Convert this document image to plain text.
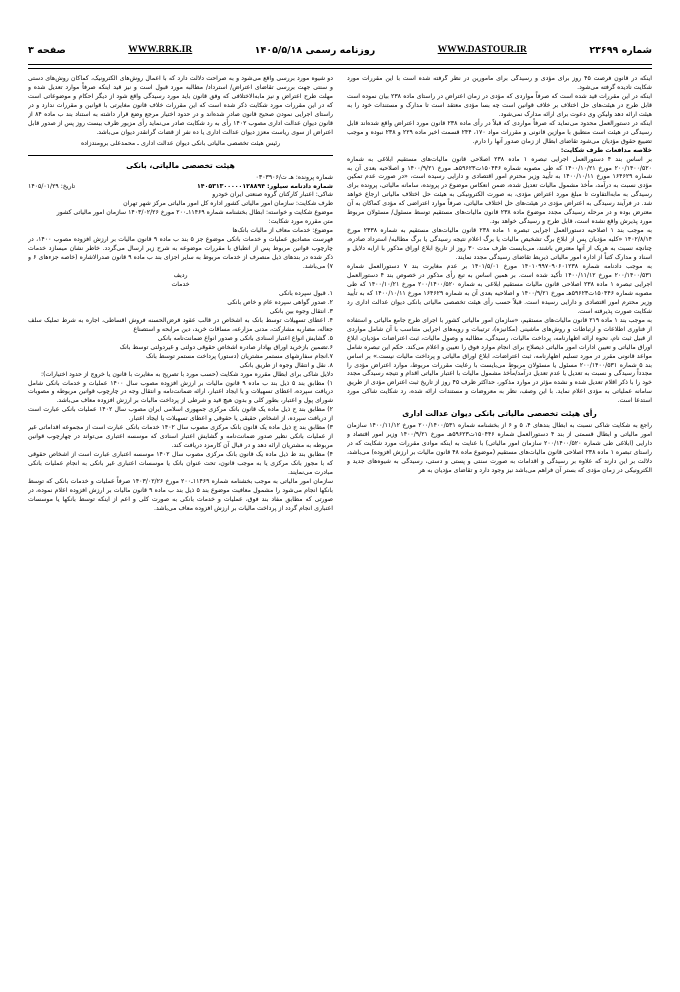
شماره ۲۳۶۹۹
WWW.DASTOUR.IR
روزنامه رسمی ۱۴۰۵/۵/۱۸
WWW.RRK.IR
صفحه ۳

اینکه در قانون فرصت ۴۵ روز برای مؤدی و رسیدگی برای مأمورین در نظر گرفته شده است با این مقررات مورد شکایت نادیده گرفته می‌شود.

اینکه در این مقررات قید شده است که صرفاً مواردی که مؤدی در زمان اعتراض در راستای ماده ۲۳۸ بیان نموده است قابل طرح در هیئت‌های حل اختلاف بر خلاف قوانین است چه بسا مؤدی معتقد است تا مدارک و مستندات خود را به هیئت ارائه دهد ولیکن وی دعوت برای ارائه مدارک نمی‌شود.

اینکه در دستورالعمل محدود می‌نماید که صرفاً مواردی که قبلاً در رأی ماده ۲۳۸ قانون مورد اعتراض واقع شده‌اند قابل رسیدگی در هیئت است منطبق با موازین قانونی و مقررات مواد ۱۷۰، ۲۴۴ قسمت اخیر ماده ۲۲۹ و ۲۳۸ نبوده و موجب تضییع حقوق مؤدیان می‌شود تقاضای ابطال از زمان صدور آنها را دارم.

خلاصه مدافعات طرف شکایت:

بر اساس بند ۴ دستورالعمل اجرایی تبصره ۱ ماده ۲۳۸ اصلاحی قانون مالیات‌های مستقیم ابلاغی به شماره ۲۰۰/۱۴۰۰/۵۲۰ مورخ ۱۴۰۰/۱۰/۲۱ که طی مصوبه شماره ۱۵۰۴۴۶ت۵۹۶۲۳هـ مورخ ۱۴۰۰/۹/۲۱ و اصلاحیه بعدی آن به شماره ۱۶۴۶۲۹ مورخ ۱۴۰۰/۱۰/۱۱ به تأیید وزیر محترم امور اقتصادی و دارایی رسیده است، «در صورت عدم تمکین مؤدی نسبت به درآمد، مأخذ مشمول مالیات تعدیل شده، ضمن انعکاس موضوع در پرونده، سامانه مالیاتی، پرونده برای رسیدگی به مابه‌التفاوت تا مبلغ مورد اعتراض مؤدی، به صورت الکترونیکی به هیئت حل اختلاف مالیاتی ارجاع خواهد شد. در فرآیند رسیدگی به اعتراض مؤدی در هیئت‌های حل اختلاف مالیاتی، صرفاً موارد اعتراضی که مؤدی کماکان به آن معترض بوده و در مرحله رسیدگی مجدد موضوع ماده ۲۳۸ قانون مالیات‌های مستقیم توسط مسئول/ مسئولان مربوط مورد پذیرش واقع نشده است، قابل طرح و رسیدگی خواهد بود.

به موجب بند ۱ اصلاحیه دستورالعمل اجرایی تبصره ۱ ماده ۲۳۸ قانون مالیات‌های مستقیم به شماره ۲۴۳۸ مورخ ۱۴۰۲/۸/۱۴ «کلیه مؤدیان پس از ابلاغ برگ تشخیص مالیات یا برگ اعلام نتیجه رسیدگی یا برگ مطالبه/ استرداد صادره، چنانچه نسبت به هریک از آنها معترض باشند، می‌بایست ظرف مدت ۳۰ روز از تاریخ ابلاغ اوراق مذکور با ارایه دلایل و اسناد و مدارک کتباً از اداره امور مالیاتی ذیربط تقاضای رسیدگی مجدد نمایند.

به موجب دادنامه شماره ۱۴۰۱۰۹۹۷۰۹۰۶۰۱۲۳۸ مورخ ۱۴۰۱/۵/۰۱ بر عدم مغایرت بند ۷ دستورالعمل شماره ۲۰۰/۱۴۰۰/۵۳۱ مورخ ۱۴۰۰/۱۱/۱۲ تأکید شده است. بر همین اساس به تبع رأی مذکور در خصوص بند ۴ دستورالعمل اجرایی تبصره ۱ ماده ۲۳۸ اصلاحی قانون مالیات مستقیم ابلاغی به شماره ۲۰۰/۱۴۰۰/۵۲۰ مورخ ۱۴۰۰/۱۰/۲۱ که طی مصوبه شماره ۱۵۰۴۴۶ت۵۹۶۲۳هـ مورخ ۱۴۰۰/۹/۲۱ و اصلاحیه بعدی آن به شماره ۱۶۴۶۲۹ مورخ ۱۴۰۰/۱۰/۱۱ که به تأیید وزیر محترم امور اقتصادی و دارایی رسیده است. قبلاً حسب رأی هیئت تخصصی مالیاتی بانکی دیوان عدالت اداری رد شکایت صورت پذیرفته است.

به موجب بند ۱ ماده ۲۱۹ قانون مالیات‌های مستقیم، «سازمان امور مالیاتی کشور با اجرای طرح جامع مالیاتی و استفاده از فناوری اطلاعات و ارتباطات و روش‌های ماشینی (مکانیزه)، ترتیبات و رویه‌های اجرایی متناسب با آن شامل مواردی از قبیل ثبت نام، نحوه ارائه اظهارنامه، پرداخت مالیات، رسیدگی، مطالبه و وصول مالیات، ثبت اعتراضات مؤدیان، ابلاغ اوراق مالیاتی و تعیین ادارات امور مالیاتی ذیصلاح برای انجام موارد فوق را تعیین و اعلام می‌کند. حکم این تبصره شامل مواعد قانونی مقرر در مورد تسلیم اظهارنامه، ثبت اعتراضات، ابلاغ اوراق مالیاتی و پرداخت مالیات نیست.» بر اساس بند ۵ شماره ۲۰۰/۱۴۰۰/۵۳۱ مسئول یا مسئولان مربوط می‌بایست با رعایت مقررات مربوط، موارد اعتراض مؤدی را مجدداً رسیدگی و نسبت به تعدیل یا عدم تعدیل درآمد/مأخذ مشمول مالیات با اعتبار مالیاتی اقدام و نتیجه رسیدگی مجدد خود را با ذکر اقلام تعدیل شده و نشده مؤثر در موارد مذکور، حداکثر ظرف ۴۵ روز از تاریخ ثبت اعتراض مؤدی از طریق سامانه عملیاتی به مؤدی اعلام نماید. با این وصف، نظر به معروضات و مستندات ارائه شده، رد شکایت شاکی مورد استدعا است.

رأی هیئت تخصصی مالیاتی بانکی دیوان عدالت اداری

راجع به شکایت شاکی نسبت به ابطال بندهای ۴، ۵ و ۶ از بخشنامه شماره ۲۰۰/۱۴۰۰/۵۳۱ مورخ ۱۴۰۰/۱۱/۱۲ سازمان امور مالیاتی و ابطال قسمتی از بند ۴ دستورالعمل شماره ۱۵۰۴۴۶ت۵۹۶۲۳هـ مورخ ۱۴۰۰/۹/۲۱ وزیر امور اقتصاد و دارایی (ابلاغی طی شماره ۲۰۰/۱۴۰۰/۵۲۰ سازمان امور مالیاتی) با عنایت به اینکه موادی مقررات مورد شکایت که در راستای تبصره ۱ ماده ۲۳۸ اصلاحی قانون مالیات‌های مستقیم (موضوع ماده ۴۸ قانون مالیات بر ارزش افزوده) می‌باشد، دلالت بر این دارند که علاوه بر رسیدگی و اقدامات به صورت سنتی و پستی و دستی، رسیدگی به شیوه‌های جدید و الکترونیکی در زمان مؤدی که بستر آن فراهم می‌باشد نیز وجود دارد و تقاضای مؤدیان به هر

دو شیوه مورد بررسی واقع می‌شود و به صراحت دلالت دارد که با اعمال روش‌های الکترونیک، کماکان روش‌های دستی و سنتی جهت بررسی تقاضای اعتراض/ استرداد/ مطالبه مورد قبول است و نیز قید اینکه صرفاً موارد تعدیل شده و مهلت طرح اعتراض و نیز مابه‌الاختلافی که وفق قانون باید مورد رسیدگی واقع شود از دیگر احکام و موضوعاتی است که در این مقررات مورد شکایت ذکر شده است که این مقررات خلاف قانون مغایرتی با قوانین و مقررات ندارد و در راستای اجرایی نمودن صحیح قانون صادر شده‌اند و در حدود اختیار مرجع وضع قرار داشته به استناد بند ب ماده ۸۴ از قانون دیوان عدالت اداری مصوب ۱۴۰۲ رأی به رد شکایت صادر می‌نماید رأی مزبور ظرف بیست روز پس از صدور قابل اعتراض از سوی ریاست معزز دیوان عدالت اداری یا ده نفر از قضات گرانقدر دیوان می‌باشد.

رئیس هیئت تخصصی مالیاتی بانکی دیوان عدالت اداری ـ محمدعلی برومندزاده

هیئت تخصصی مالیاتی، بانکی

شماره پرونده: هـ ت/۰۳۰۳۹۰۶

شماره دادنامه سیلور: ۱۴۰۵۳۱۳۰۰۰۰۰۱۲۸۸۹۴
تاریخ: ۱۴۰۵/۰۱/۲۹

شاکی: اعتبار کارکنان گروه صنعتی ایران خودرو

طرف شکایت: سازمان امور مالیاتی کشور اداره کل امور مالیاتی مرکز شهر تهران

موضوع شکایت و خواسته: ابطال بخشنامه شماره ۱۱۴۶۹ـ۲۰۰ مورخ ۱۴۰۳/۰۲/۲۶ سازمان امور مالیاتی کشور

متن مقرره مورد شکایت:

موضوع: خدمات معاف از مالیات بانک‌ها

فهرست مصادیق عملیات و خدمات بانکی موضوع جز ۵ بند ب ماده ۹ قانون مالیات بر ارزش افزوده مصوب ۱۴۰۰، در چارچوب قوانین مربوط پس از انطباق با مقررات موضوعه به شرح زیر ارسال می‌گردد. خاطر نشان میسازد خدمات ذکر شده در بندهای ذیل منصرف از خدمات مربوط به سایر اجزای بند ب ماده ۹ قانون صدرالاشاره (خاصه جزءهای ۶ و ۷) می‌باشد.

ردیف

خدمات

۱. قبول سپرده بانکی

۲. صدور گواهی سپرده عام و خاص بانکی

۳. انتقال وجوه بین بانکی

۴. اعطای تسهیلات توسط بانک به اشخاص در قالب عقود قرض‌الحسنه فروش اقساطی، اجاره به شرط تملیک سلف جعاله، مضاربه مشارکت، مدنی مزارعه، مساقات خرید، دین مرابحه و استصناع

۵. گشایش انواع اعتبار اسنادی بانکی و صدور انواع ضمانت‌نامه بانکی

۶.تضمین بازخرید اوراق بهادار صادره اشخاص حقوقی دولتی و غیردولتی توسط بانک

۷.انجام سفارشهای مستمر مشتریان (دستور) پرداخت مستمر توسط بانک

۸. نقل و انتقال وجوه از طریق بانکی

دلایل شاکی برای ابطال مقرره مورد شکایت (حسب مورد با تصریح به مغایرت با قانون یا خروج از حدود اختیارات):

۱) مطابق بند ۵ ذیل بند ب ماده ۹ قانون مالیات بر ارزش افزوده مصوب سال ۱۴۰۰ عملیات و خدمات بانکی شامل دریافت سپرده، اعطای تسهیلات و یا ایجاد اعتبار، ارائه ضمانت‌نامه و انتقال وجه در چارچوب قوانین مربوطه و مصوبات شورای پول و اعتبار، بطور کلی و بدون هیچ قید و شرطی از پرداخت مالیات بر ارزش افزوده معاف می‌باشد.

۲) مطابق بند ح ذیل ماده یک قانون بانک مرکزی جمهوری اسلامی ایران مصوب سال ۱۴۰۲ عملیات بانکی عبارت است از دریافت سپرده، از اشخاص حقیقی یا حقوقی و اعطای تسهیلات یا ایجاد اعتبار.

۳) مطابق بند ج ذیل ماده یک قانون بانک مرکزی مصوب سال ۱۴۰۲ خدمات بانکی عبارت است از مجموعه اقداماتی غیر از عملیات بانکی نظیر صدور ضمانت‌نامه و گشایش اعتبار اسنادی که موسسه اعتباری می‌تواند در چهارچوب قوانین مربوطه به مشتریان ارائه دهد و در قبال آن کارمزد دریافت کند.

۴) مطابق بند ط ذیل ماده یک قانون بانک مرکزی مصوب سال ۱۴۰۲ موسسه اعتباری عبارت است از اشخاص حقوقی که با مجوز بانک مرکزی یا به موجب قانون، تحت عنوان بانک یا موسسات اعتباری غیر بانکی به انجام عملیات بانکی مبادرت می‌نمایند.

سازمان امور مالیاتی به موجب بخشنامه شماره ۱۱۴۶۹ـ۲۰۰ مورخ ۱۴۰۳/۰۲/۲۶ صرفاً عملیات و خدمات بانکی که توسط بانکها انجام می‌شود را مشمول معافیت موضوع بند ۵ ذیل بند ب ماده ۹ قانون مالیات بر ارزش افزوده اعلام نموده، در صورتی که مطابق مفاد بند فوق، عملیات و خدمات بانکی به صورت کلی و اعم از اینکه توسط بانکها یا موسسات اعتباری انجام گردد از پرداخت مالیات بر ارزش افزوده معاف می‌باشد.
